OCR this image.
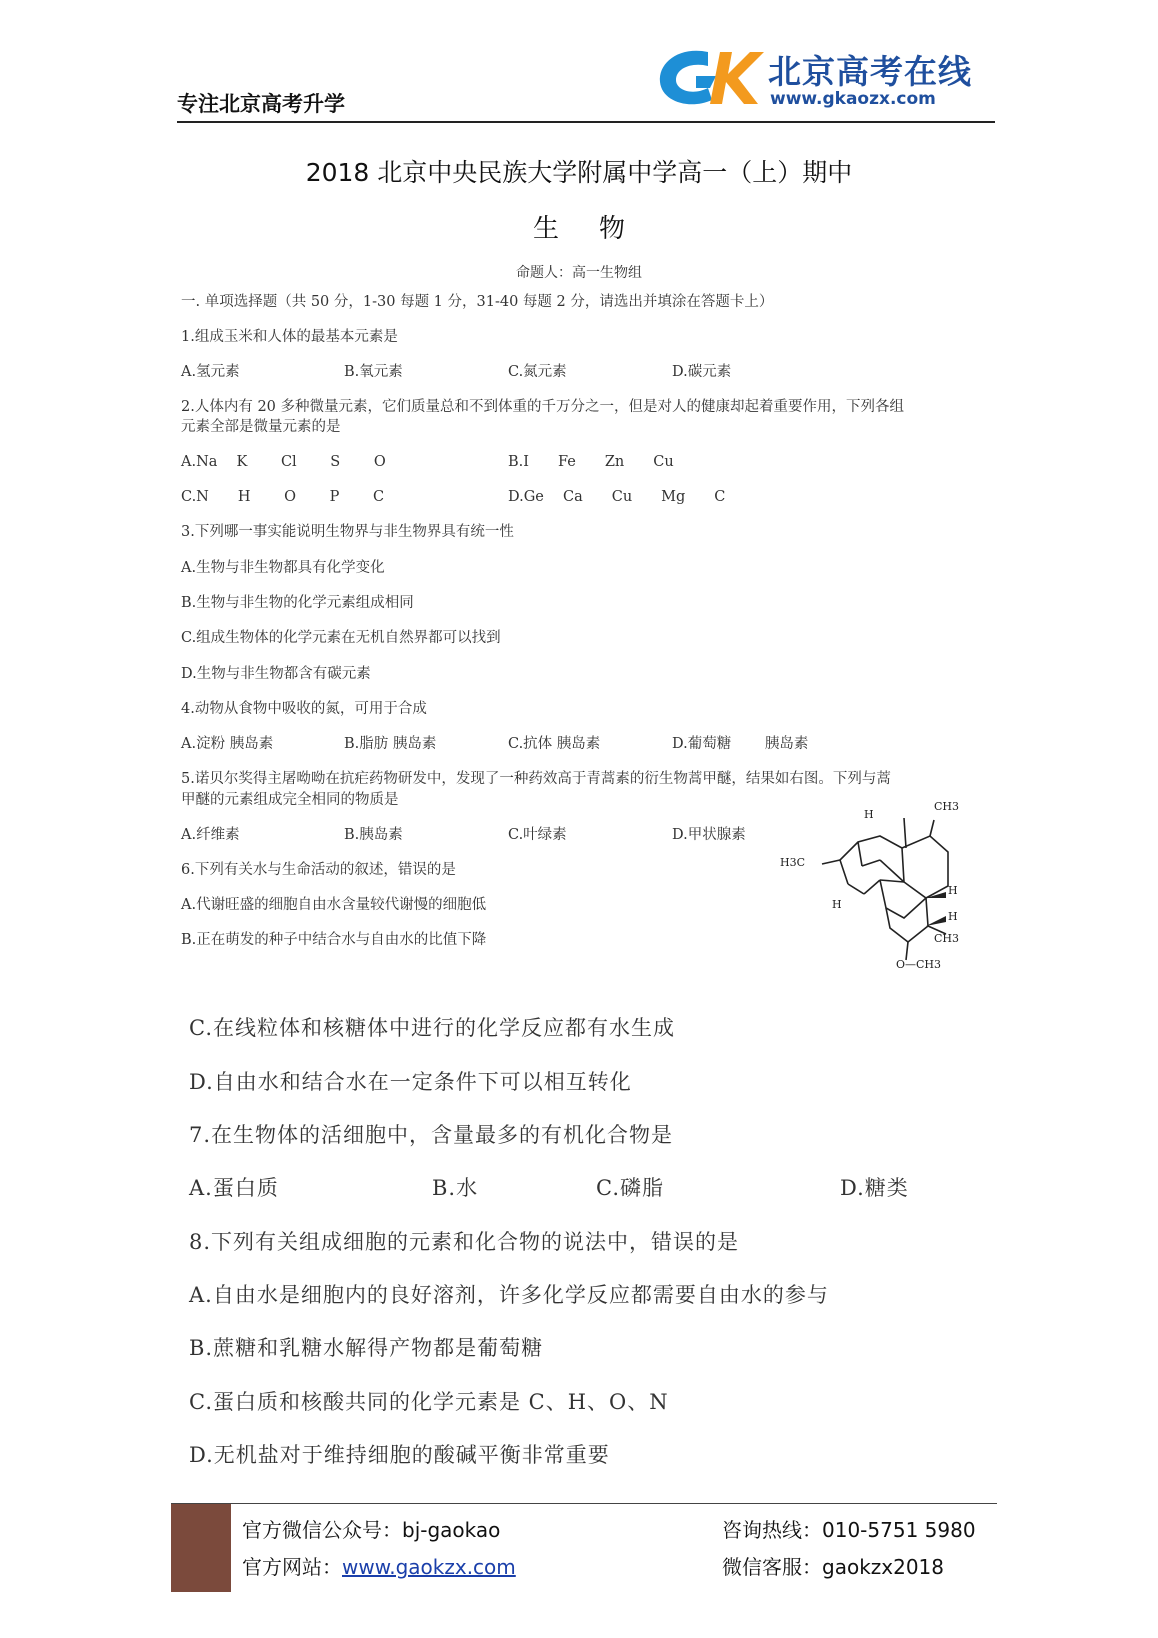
专注北京高考升学
北京高考在线
www.gkaozx.com
2018 北京中央民族大学附属中学高一（上）期中
生物
命题人：高一生物组
一. 单项选择题（共 50 分，1-30 每题 1 分，31-40 每题 2 分，请选出并填涂在答题卡上）
1.组成玉米和人体的最基本元素是
A.氢元素	B.氧元素	C.氮元素	D.碳元素
2.人体内有 20 多种微量元素，它们质量总和不到体重的千万分之一，但是对人的健康却起着重要作用，下列各组
元素全部是微量元素的是
A.Na　 K　　 Cl　　 S　　 O	B.I　　Fe　　Zn　　Cu
C.N　　H　　 O　　 P　　 C	D.Ge　 Ca　　Cu　　Mg　　C
3.下列哪一事实能说明生物界与非生物界具有统一性
A.生物与非生物都具有化学变化
B.生物与非生物的化学元素组成相同
C.组成生物体的化学元素在无机自然界都可以找到
D.生物与非生物都含有碳元素
4.动物从食物中吸收的氮，可用于合成
A.淀粉 胰岛素	B.脂肪 胰岛素	C.抗体 胰岛素	D.葡萄糖　　 胰岛素
5.诺贝尔奖得主屠呦呦在抗疟药物研发中，发现了一种药效高于青蒿素的衍生物蒿甲醚，结果如右图。下列与蒿
甲醚的元素组成完全相同的物质是
A.纤维素	B.胰岛素	C.叶绿素	D.甲状腺素
H
CH3
H3C
H
H
H
CH3
O—CH3
6.下列有关水与生命活动的叙述，错误的是
A.代谢旺盛的细胞自由水含量较代谢慢的细胞低
B.正在萌发的种子中结合水与自由水的比值下降
C.在线粒体和核糖体中进行的化学反应都有水生成
D.自由水和结合水在一定条件下可以相互转化
7.在生物体的活细胞中，含量最多的有机化合物是
A.蛋白质	B.水	C.磷脂	D.糖类
8.下列有关组成细胞的元素和化合物的说法中，错误的是
A.自由水是细胞内的良好溶剂，许多化学反应都需要自由水的参与
B.蔗糖和乳糖水解得产物都是葡萄糖
C.蛋白质和核酸共同的化学元素是 C、H、O、N
D.无机盐对于维持细胞的酸碱平衡非常重要
官方微信公众号：bj-gaokao
官方网站：www.gaokzx.com
咨询热线：010-5751 5980
微信客服：gaokzx2018
